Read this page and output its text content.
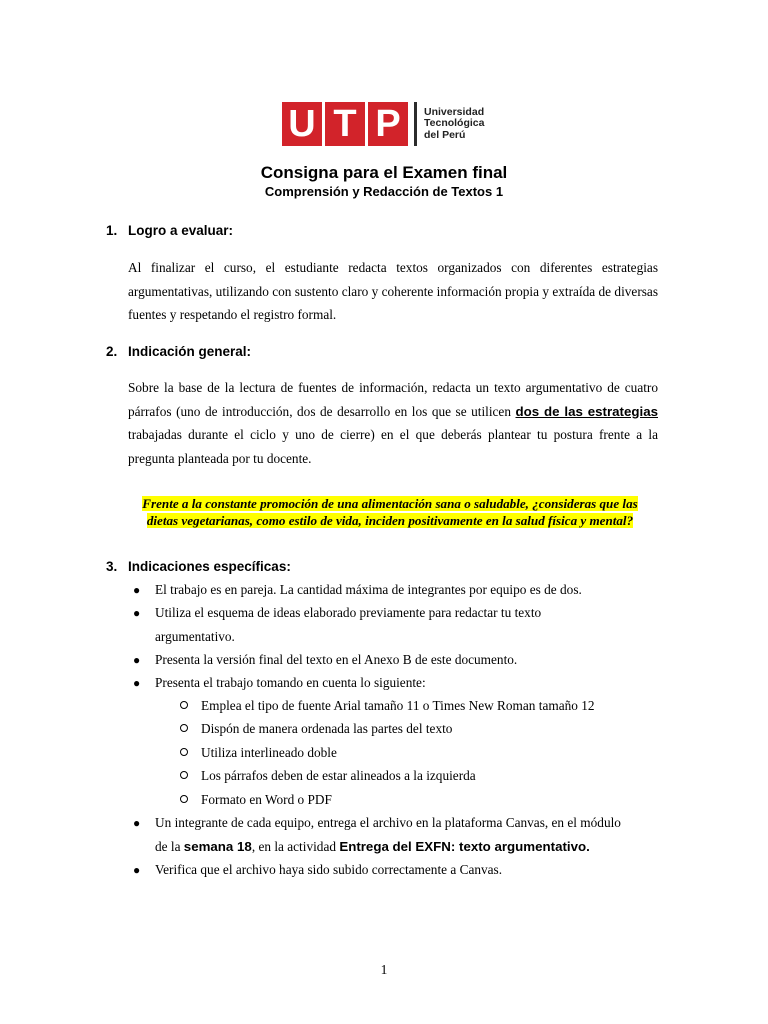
U T P	Universidad
Tecnológica
del Perú
Consigna para el Examen final
Comprensión y Redacción de Textos 1
1. Logro a evaluar:
Al finalizar el curso, el estudiante redacta textos organizados con diferentes estrategias argumentativas, utilizando con sustento claro y coherente información propia y extraída de diversas fuentes y respetando el registro formal.
2. Indicación general:
Sobre la base de la lectura de fuentes de información, redacta un texto argumentativo de cuatro párrafos (uno de introducción, dos de desarrollo en los que se utilicen dos de las estrategias trabajadas durante el ciclo y uno de cierre) en el que deberás plantear tu postura frente a la pregunta planteada por tu docente.
Frente a la constante promoción de una alimentación sana o saludable, ¿consideras que las
dietas vegetarianas, como estilo de vida, inciden positivamente en la salud física y mental?
3. Indicaciones específicas:
● El trabajo es en pareja. La cantidad máxima de integrantes por equipo es de dos.
● Utiliza el esquema de ideas elaborado previamente para redactar tu texto
argumentativo.
● Presenta la versión final del texto en el Anexo B de este documento.
● Presenta el trabajo tomando en cuenta lo siguiente:
Emplea el tipo de fuente Arial tamaño 11 o Times New Roman tamaño 12
Dispón de manera ordenada las partes del texto
Utiliza interlineado doble
Los párrafos deben de estar alineados a la izquierda
Formato en Word o PDF
● Un integrante de cada equipo, entrega el archivo en la plataforma Canvas, en el módulo
de la semana 18, en la actividad Entrega del EXFN: texto argumentativo.
● Verifica que el archivo haya sido subido correctamente a Canvas.
1
